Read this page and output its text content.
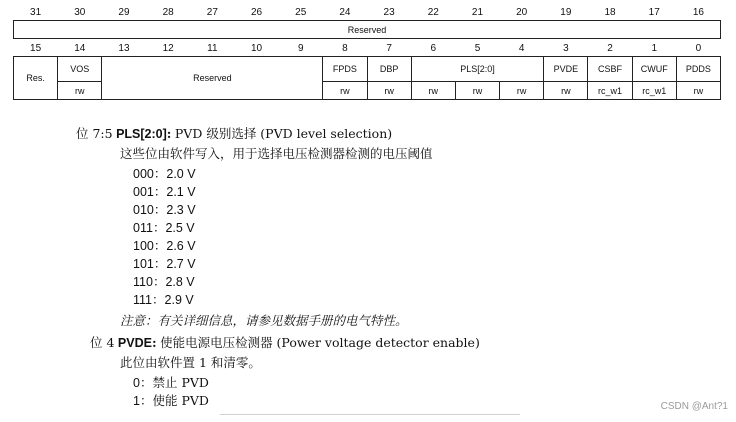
31	30	29	28	27	26	25	24	23	22	21	20	19	18	17	16
Reserved
15	14	13	12	11	10	9	8	7	6	5	4	3	2	1	0	
Res.	VOS	Reserved					FPDS	DBP	PLS[2:0]			PVDE	CSBF	CWUF	PDDS	
	rw						rw	rw	rw	rw	rw	rw	rc_w1	rc_w1	rw	
位 7:5 PLS[2:0]: PVD 级别选择 (PVD level selection)
这些位由软件写入，用于选择电压检测器检测的电压阈值
000：2.0 V
001：2.1 V
010：2.3 V
011：2.5 V
100：2.6 V
101：2.7 V
110：2.8 V
111：2.9 V
注意：有关详细信息，请参见数据手册的电气特性。
位 4 PVDE: 使能电源电压检测器 (Power voltage detector enable)
此位由软件置 1 和清零。
0：禁止 PVD
1：使能 PVD	CSDN @Ant?1
